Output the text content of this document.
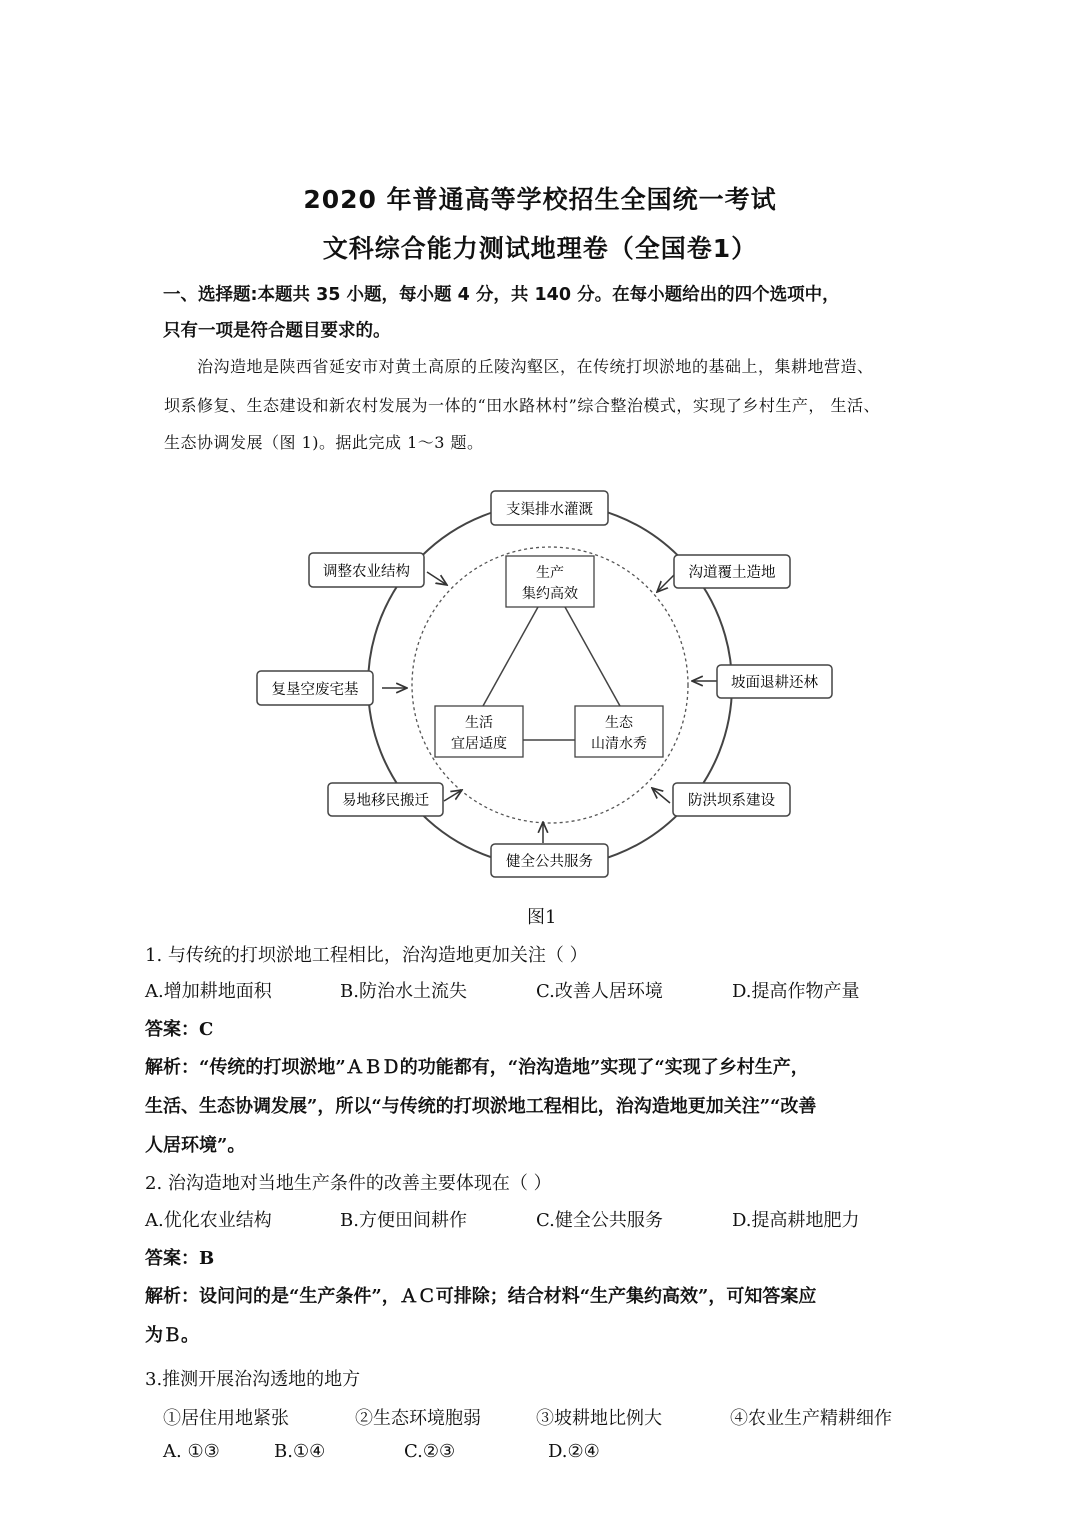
2020 年普通高等学校招生全国统一考试
文科综合能力测试地理卷（全国卷1）
一、选择题:本题共 35 小题，每小题 4 分，共 140 分。在每小题给出的四个选项中，
只有一项是符合题目要求的。
治沟造地是陕西省延安市对黄土高原的丘陵沟壑区，在传统打坝淤地的基础上，集耕地营造、
坝系修复、生态建设和新农村发展为一体的“田水路林村”综合整治模式，实现了乡村生产， 生活、
生态协调发展（图 1)。据此完成 1～3 题。
支渠排水灌溉
沟道覆土造地
坡面退耕还林
防洪坝系建设
健全公共服务
易地移民搬迁
复垦空废宅基
调整农业结构	生产
集约高效
生活
宜居适度
生态
山清水秀
图1
1. 与传统的打坝淤地工程相比，治沟造地更加关注（ ）
A.增加耕地面积	B.防治水土流失	C.改善人居环境	D.提高作物产量
答案：C
解析：“传统的打坝淤地”ＡＢＤ的功能都有，“治沟造地”实现了“实现了乡村生产，
生活、生态协调发展”，所以“与传统的打坝淤地工程相比，治沟造地更加关注”“改善
人居环境”。
2. 治沟造地对当地生产条件的改善主要体现在（ ）
A.优化农业结构	B.方便田间耕作	C.健全公共服务	D.提高耕地肥力
答案：B
解析：设问问的是“生产条件”，ＡＣ可排除；结合材料“生产集约高效”，可知答案应
为Ｂ。
3.推测开展治沟透地的地方
①居住用地紧张	②生态环境胞弱	③坡耕地比例大	④农业生产精耕细作
A. ①③	B.①④	C.②③	D.②④
